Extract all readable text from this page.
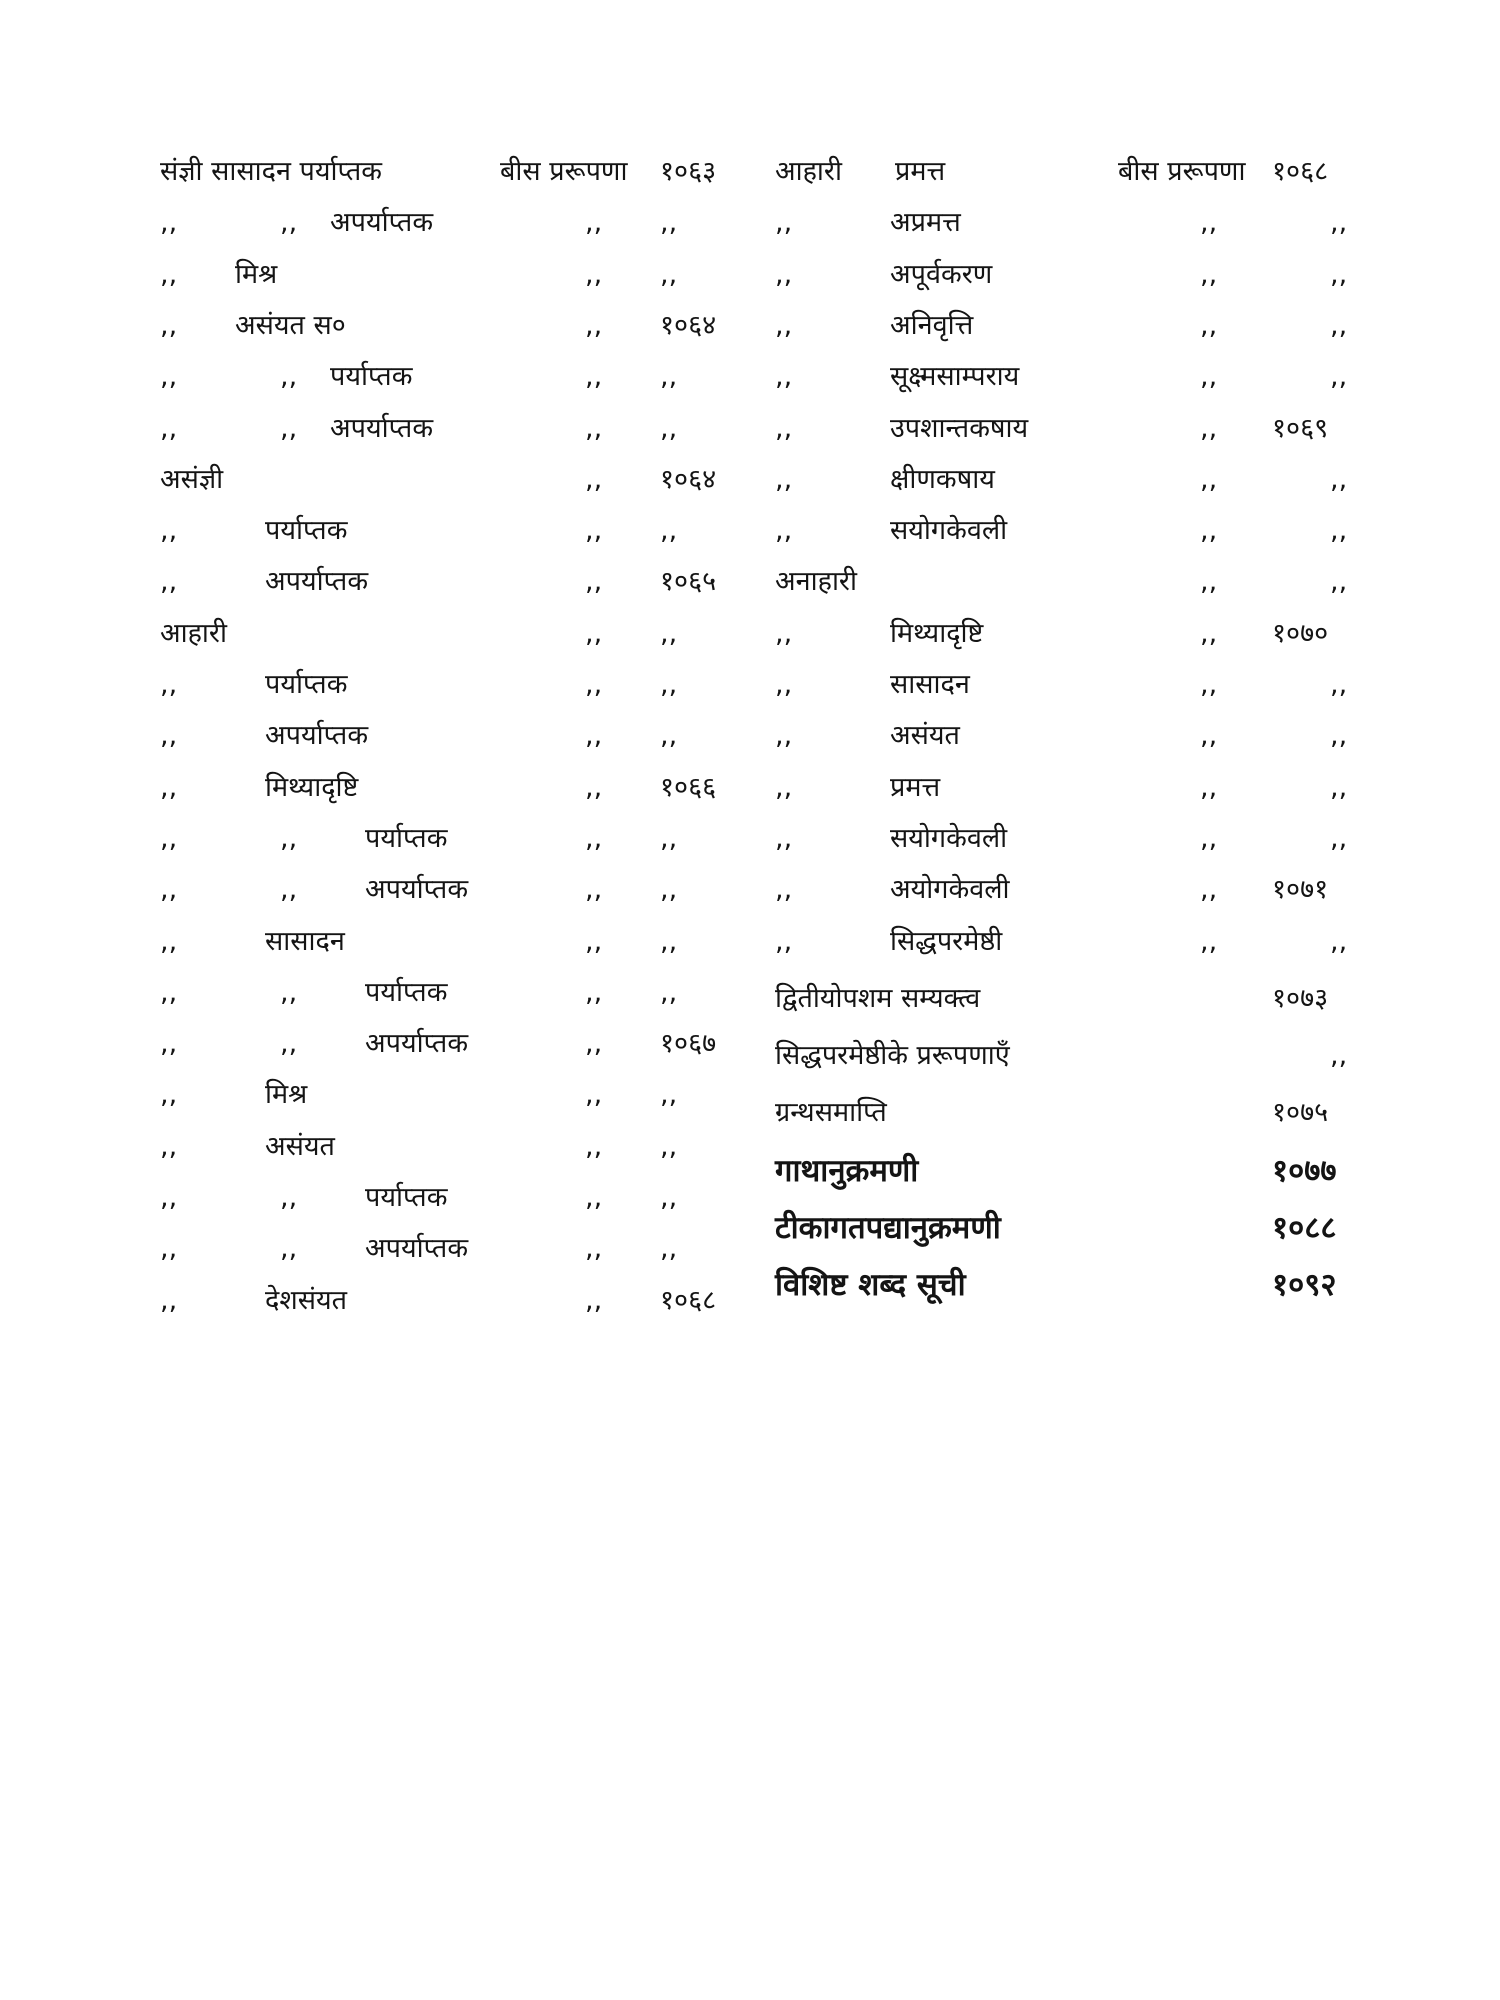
संज्ञी सासादन पर्याप्तक	बीस प्ररूपणा १०६३
,,	,, अपर्याप्तक	,, ,,
,, मिश्र	,, ,,
,, असंयत स०	,, १०६४
,,	,, पर्याप्तक	,, ,,
,,	,, अपर्याप्तक	,, ,,
असंज्ञी	,, १०६४
,,	पर्याप्तक	,, ,,
,,	अपर्याप्तक	,, १०६५
आहारी	,, ,,
,,	पर्याप्तक	,, ,,
,,	अपर्याप्तक	,, ,,
,,	मिथ्यादृष्टि	,, १०६६
,,	,,	पर्याप्तक	,, ,,
,,	,,	अपर्याप्तक	,, ,,
,,	सासादन	,, ,,
,,	,,	पर्याप्तक	,, ,,
,,	,,	अपर्याप्तक	,, १०६७
,,	मिश्र	,, ,,
,,	असंयत	,, ,,
,,	,,	पर्याप्तक	,, ,,
,,	,,	अपर्याप्तक	,, ,,
,,	देशसंयत	,, १०६८
आहारी प्रमत्त	बीस प्ररूपणा १०६८
,,	अप्रमत्त	,,	,,
,,	अपूर्वकरण	,,	,,
,,	अनिवृत्ति	,,	,,
,,	सूक्ष्मसाम्पराय	,,	,,
,,	उपशान्तकषाय	,, १०६९
,,	क्षीणकषाय	,,	,,
,,	सयोगकेवली	,,	,,
अनाहारी	,,	,,
,,	मिथ्यादृष्टि	,, १०७०
,,	सासादन	,,	,,
,,	असंयत	,,	,,
,,	प्रमत्त	,,	,,
,,	सयोगकेवली	,,	,,
,,	अयोगकेवली	,, १०७१
,,	सिद्धपरमेष्ठी	,,	,,
द्वितीयोपशम सम्यक्त्व	१०७३
सिद्धपरमेष्ठीके प्ररूपणाएँ	,,
ग्रन्थसमाप्ति	१०७५
गाथानुक्रमणी	१०७७
टीकागतपद्यानुक्रमणी	१०८८
विशिष्ट शब्द सूची	१०९२
